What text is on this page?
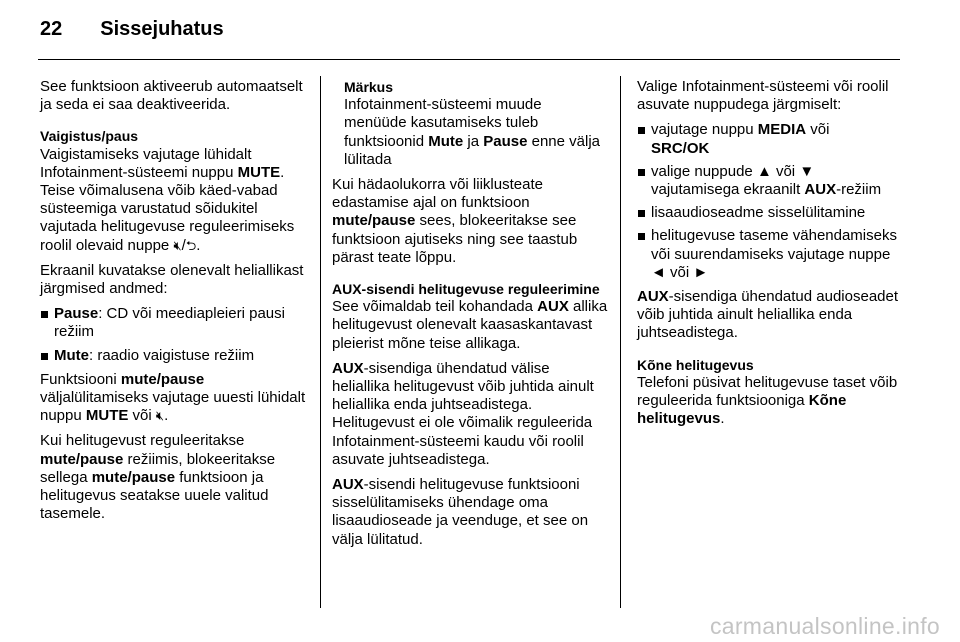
22 Sissejuhatus

See funktsioon aktiveerub automaatselt ja seda ei saa deaktiveerida.

Vaigistus/paus
Vaigistamiseks vajutage lühidalt Infotainment-süsteemi nuppu MUTE. Teise võimalusena võib käed-vabad süsteemiga varustatud sõidukitel vajutada helitugevuse reguleerimiseks roolil olevaid nuppe 🔇︎/⮌.

Ekraanil kuvatakse olenevalt heliallikast järgmised andmed:

Pause: CD või meediapleieri pausi režiim
Mute: raadio vaigistuse režiim

Funktsiooni mute/pause väljalülitamiseks vajutage uuesti lühidalt nuppu MUTE või 🔇︎.

Kui helitugevust reguleeritakse mute/pause režiimis, blokeeritakse sellega mute/pause funktsioon ja helitugevus seatakse uuele valitud tasemele.

Märkus
Infotainment-süsteemi muude menüüde kasutamiseks tuleb funktsioonid Mute ja Pause enne välja lülitada

Kui hädaolukorra või liiklusteate edastamise ajal on funktsioon mute/pause sees, blokeeritakse see funktsioon ajutiseks ning see taastub pärast teate lõppu.

AUX-sisendi helitugevuse reguleerimine
See võimaldab teil kohandada AUX allika helitugevust olenevalt kaasaskantavast pleierist mõne teise allikaga.

AUX-sisendiga ühendatud välise heliallika helitugevust võib juhtida ainult heliallika enda juhtseadistega. Helitugevust ei ole võimalik reguleerida Infotainment-süsteemi kaudu või roolil asuvate juhtseadistega.

AUX-sisendi helitugevuse funktsiooni sisselülitamiseks ühendage oma lisaaudioseade ja veenduge, et see on välja lülitatud.

Valige Infotainment-süsteemi või roolil asuvate nuppudega järgmiselt:

vajutage nuppu MEDIA või
SRC/OK
valige nuppude ▲ või ▼ vajutamisega ekraanilt AUX-režiim
lisaaudioseadme sisselülitamine
helitugevuse taseme vähendamiseks või suurendamiseks vajutage nuppe ◄ või ►

AUX-sisendiga ühendatud audioseadet võib juhtida ainult heliallika enda juhtseadistega.

Kõne helitugevus
Telefoni püsivat helitugevuse taset võib reguleerida funktsiooniga Kõne helitugevus.

carmanualsonline.info
